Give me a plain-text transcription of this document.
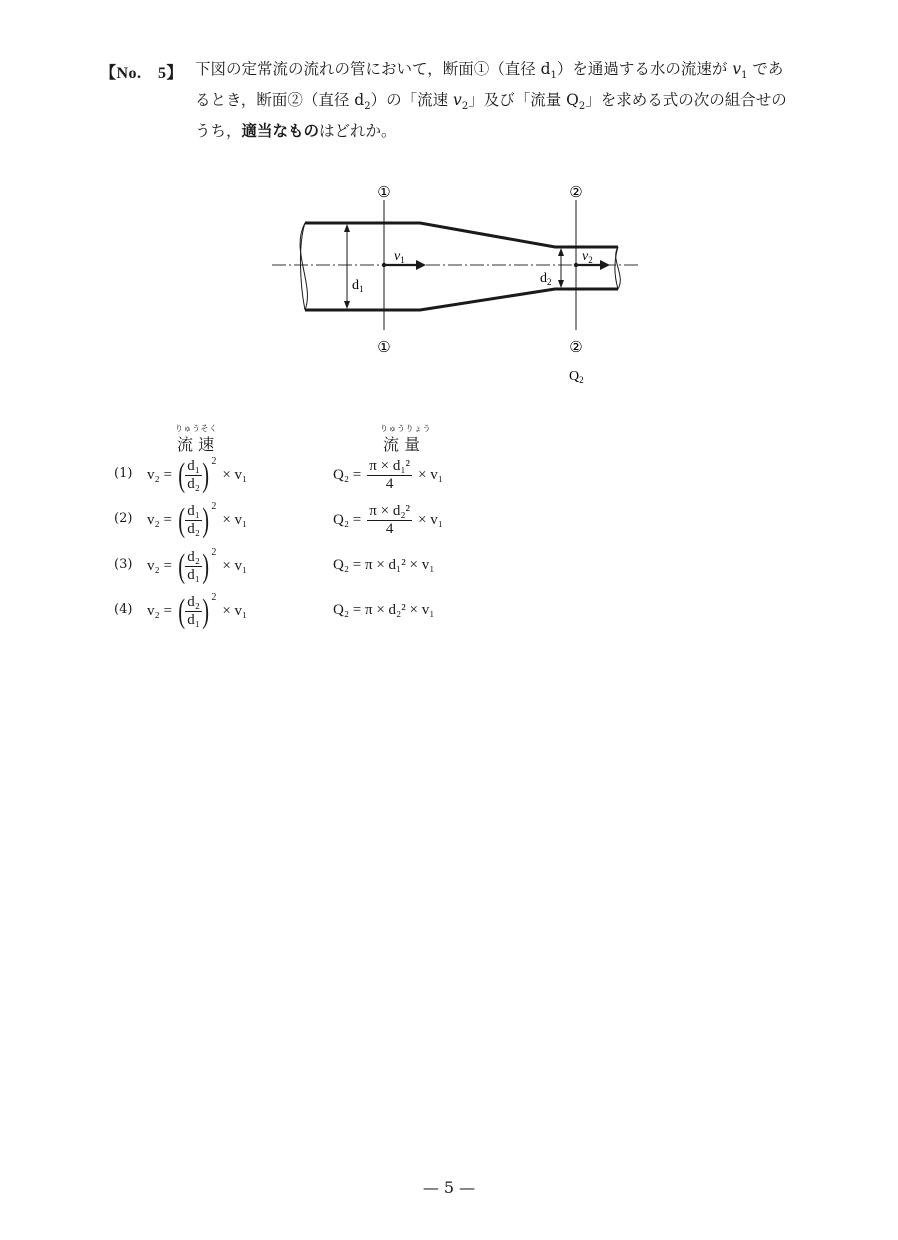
【No.　5】 下図の定常流の流れの管において，断面①（直径 $d_1$）を通過する水の流速が $v_1$ であ
るとき，断面②（直径 $d_2$）の「流速 $v_2$」及び「流量 $Q_2$」を求める式の次の組合せの
うち，適当なものはどれか。
①
①
②
②
$d_1$
$d_2$
$v_1$	$v_2$
$Q_2$
りゅうそく
流 速
りゅうりょう
流 量
(1) v₂ = ( $\frac{\text{d₁}}{\text{d₂}}$ ) 2
× v₁	$Q_2 = \frac{\text{π × d₁²}}{4} \times v_1$
(2) v₂ = ( $\frac{\text{d₁}}{\text{d₂}}$ ) 2
× v₁	$Q_2 = \frac{\text{π × d₂²}}{4} \times v_1$
(3) v₂ = ( $\frac{\text{d₂}}{\text{d₁}}$ ) 2
× v₁	Q₂ = π × d₁² × v₁
(4) v₂ = ( $\frac{\text{d₂}}{\text{d₁}}$ ) 2
× v₁	Q₂ = π × d₂² × v₁
— 5 —
